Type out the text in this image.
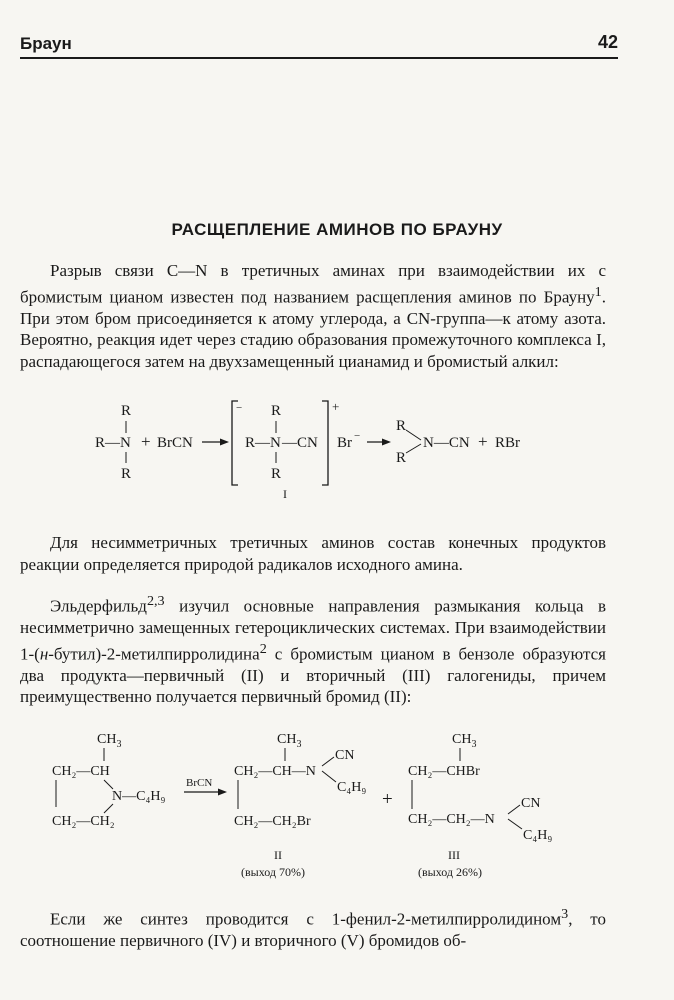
Браун	42
РАСЩЕПЛЕНИЕ АМИНОВ ПО БРАУНУ

Разрыв связи C—N в третичных аминах при взаимодействии их с бромистым цианом известен под названием расщепления аминов по Брауну$^1$. При этом бром присоединяется к атому углерода, а CN-группа—к атому азота. Вероятно, реакция идет через стадию образования промежуточного комплекса I, распадающегося затем на двухзамещенный цианамид и бромистый алкил:

R
R—N
R
+ BrCN
− R
R—N —CN
R
+
Br −
R
R
N—CN + RBr
I

Для несимметричных третичных аминов состав конечных продуктов реакции определяется природой радикалов исходного амина.

Эльдерфильд$^{2,3}$ изучил основные направления размыкания кольца в несимметрично замещенных гетероциклических системах. При взаимодействии 1-(н-бутил)-2-метилпирролидина$^2$ с бромистым цианом в бензоле образуются два продукта—первичный (II) и вторичный (III) галогениды, причем преимущественно получается первичный бромид (II):

$CH_3$
CH₂—CH
N—C₄H₉
CH₂—CH₂
BrCN
$CH_3$
CH₂—CH—N
CN
C₄H₉
CH₂—CH₂Br
+
$CH_3$
CH₂—CHBr
CH₂—CH₂—N
CN
C₄H₉
II
(выход 70%)
III
(выход 26%)

Если же синтез проводится с 1-фенил-2-метилпирролидином$^3$, то соотношение первичного (IV) и вторичного (V) бромидов об-
